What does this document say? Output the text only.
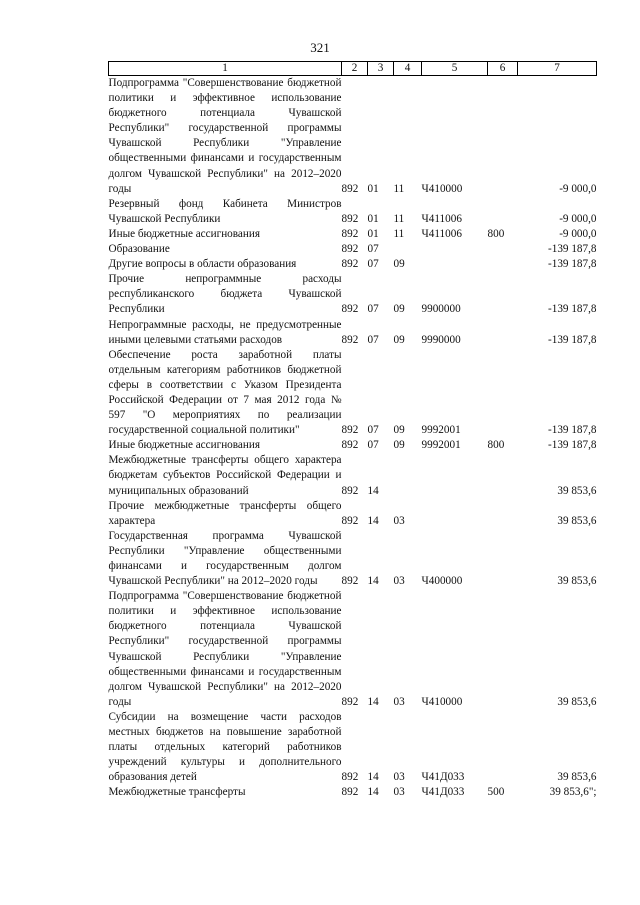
321
1	2	3	4	5	6	7
Подпрограмма "Совершенствование бюджетной политики и эффективное использование бюджетного потенциала Чувашской Республики" государственной программы Чувашской Республики "Управление общественными финансами и государственным долгом Чувашской Республики" на 2012–2020 годы	892	01	11	Ч410000		-9 000,0
Резервный фонд Кабинета Министров Чувашской Республики	892	01	11	Ч411006		-9 000,0
Иные бюджетные ассигнования	892	01	11	Ч411006	800	-9 000,0
Образование	892	07				-139 187,8
Другие вопросы в области образования	892	07	09			-139 187,8
Прочие непрограммные расходы республиканского бюджета Чувашской Республики	892	07	09	9900000		-139 187,8
Непрограммные расходы, не предусмотренные иными целевыми статьями расходов	892	07	09	9990000		-139 187,8
Обеспечение роста заработной платы отдельным категориям работников бюджетной сферы в соответствии с Указом Президента Российской Федерации от 7 мая 2012 года № 597 "О мероприятиях по реализации государственной социальной политики"	892	07	09	9992001		-139 187,8
Иные бюджетные ассигнования	892	07	09	9992001	800	-139 187,8
Межбюджетные трансферты общего характера бюджетам субъектов Российской Федерации и муниципальных образований	892	14				39 853,6
Прочие межбюджетные трансферты общего характера	892	14	03			39 853,6
Государственная программа Чувашской Республики "Управление общественными финансами и государственным долгом Чувашской Республики" на 2012–2020 годы	892	14	03	Ч400000		39 853,6
Подпрограмма "Совершенствование бюджетной политики и эффективное использование бюджетного потенциала Чувашской Республики" государственной программы Чувашской Республики "Управление общественными финансами и государственным долгом Чувашской Республики" на 2012–2020 годы	892	14	03	Ч410000		39 853,6
Субсидии на возмещение части расходов местных бюджетов на повышение заработной платы отдельных категорий работников учреждений культуры и дополнительного образования детей	892	14	03	Ч41Д033		39 853,6
Межбюджетные трансферты	892	14	03	Ч41Д033	500	39 853,6";
